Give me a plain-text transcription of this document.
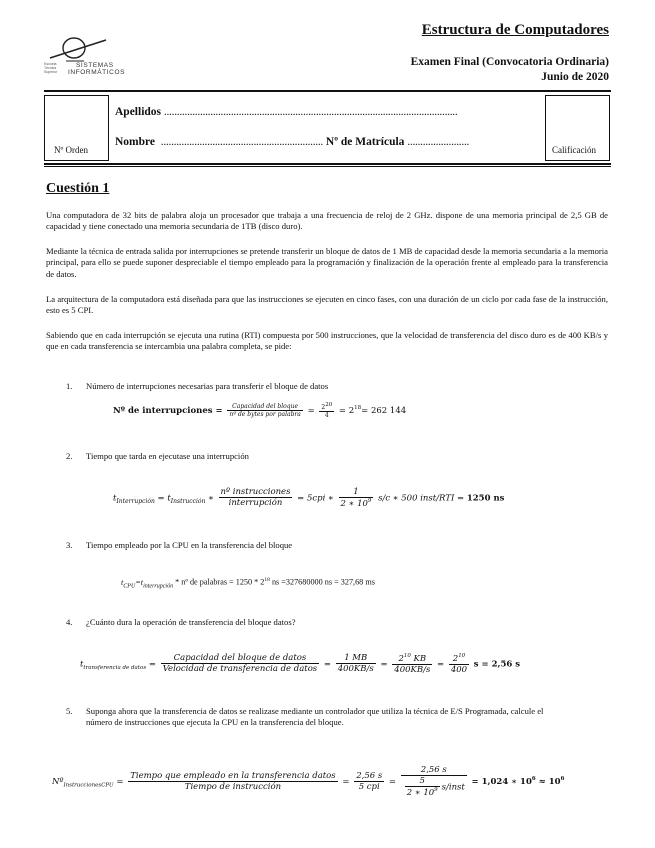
Escuela Técnica Superior
SISTEMAS
INFORMÁTICOS
Estructura de Computadores
Examen Final (Convocatoria Ordinaria)
Junio de 2020
Nº Orden	Calificación
Apellidos ..................................................................................................................
Nombre ............................................................... Nº de Matrícula ........................
Cuestión 1
Una computadora de 32 bits de palabra aloja un procesador que trabaja a una frecuencia de reloj de 2 GHz. dispone de una memoria principal de 2,5 GB de capacidad y tiene conectado una memoria secundaria de 1TB (disco duro).
Mediante la técnica de entrada salida por interrupciones se pretende transferir un bloque de datos de 1 MB de capacidad desde la memoria secundaria a la memoria principal, para ello se puede suponer despreciable el tiempo empleado para la programación y finalización de la operación frente al empleado para la transferencia de datos.
La arquitectura de la computadora está diseñada para que las instrucciones se ejecuten en cinco fases, con una duración de un ciclo por cada fase de la instrucción, esto es 5 CPI.
Sabiendo que en cada interrupción se ejecuta una rutina (RTI) compuesta por 500 instrucciones, que la velocidad de transferencia del disco duro es de 400 KB/s y que en cada transferencia se intercambia una palabra completa, se pide:
1. Número de interrupciones necesarias para transferir el bloque de datos
Nº de interrupciones = $\frac{\text{Capacidad del bloque}}{\text{nº de bytes por palabra}} = \frac{2^{20}}{4} = 2^{18}= 262$ 144
2. Tiempo que tarda en ejecutase una interrupción
$t_{Interrupción} = t_{Instrucción}$ ∗ $\frac{\text{nº instrucciones}}{\text{interrupción}} = 5cpi$ ∗ $\frac{1}{2 ∗ 10^9} s/c$ ∗ 500 inst/RTI = 1250 ns
3. Tiempo empleado por la CPU en la transferencia del bloque
$t_{CPU}=t_{interrupción}$ * nº de palabras = $1250 * 2^{18}$ ns =327680000 ns = 327,68 ms
4. ¿Cuánto dura la operación de transferencia del bloque datos?
$t_{transferencia de datos} = \frac{\text{Capacidad del bloque de datos}}{\text{Velocidad de transferencia de datos}} = \frac{1 MB}{400KB/s} = \frac{2^{10} KB}{400KB/s} = \frac{2^{10}}{400}$ s = 2,56 s
5.	Suponga ahora que la transferencia de datos se realizase mediante un controlador que utiliza la técnica de E/S Programada, calcule el número de instrucciones que ejecuta la CPU en la transferencia del bloque.
Nº$_{InstruccionesCPU}$ = $\frac{\text{Tiempo que empleado en la transferencia datos}}{\text{Tiempo de instrucción}} = \frac{2,56 s}{\text{5 cpi}} = \frac{2,56 s}{\frac{5}{2 ∗ 10^9} s/inst} = 1,024$ ∗ $10^6 \approx 10^6$
